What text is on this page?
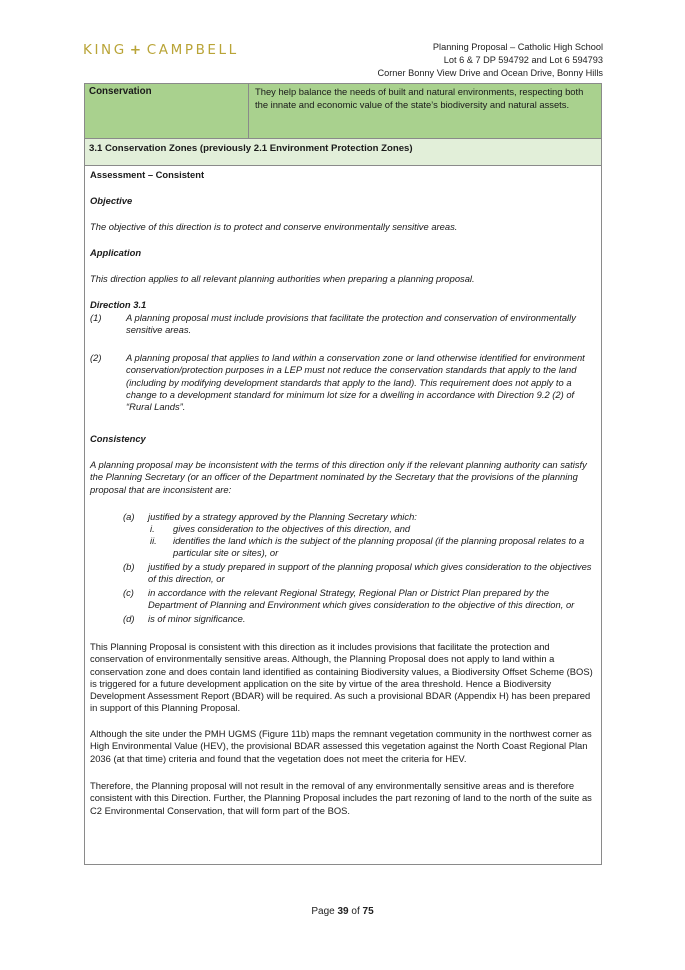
KING + CAMPBELL	Planning Proposal – Catholic High School
Lot 6 & 7 DP 594792 and Lot 6 594793
Corner Bonny View Drive and Ocean Drive, Bonny Hills
Conservation	They help balance the needs of built and natural environments, respecting both the innate and economic value of the state’s biodiversity and natural assets.
3.1 Conservation Zones (previously 2.1 Environment Protection Zones)
Assessment – Consistent
Objective
The objective of this direction is to protect and conserve environmentally sensitive areas.
Application
This direction applies to all relevant planning authorities when preparing a planning proposal.
Direction 3.1
(1)	A planning proposal must include provisions that facilitate the protection and conservation of environmentally sensitive areas.
(2)	A planning proposal that applies to land within a conservation zone or land otherwise identified for environment conservation/protection purposes in a LEP must not reduce the conservation standards that apply to the land (including by modifying development standards that apply to the land). This requirement does not apply to a change to a development standard for minimum lot size for a dwelling in accordance with Direction 9.2 (2) of “Rural Lands”.
Consistency
A planning proposal may be inconsistent with the terms of this direction only if the relevant planning authority can satisfy the Planning Secretary (or an officer of the Department nominated by the Secretary that the provisions of the planning proposal that are inconsistent are:
(a) justified by a strategy approved by the Planning Secretary which:
i. gives consideration to the objectives of this direction, and
ii. identifies the land which is the subject of the planning proposal (if the planning proposal relates to a particular site or sites), or
(b) justified by a study prepared in support of the planning proposal which gives consideration to the objectives of this direction, or
(c) in accordance with the relevant Regional Strategy, Regional Plan or District Plan prepared by the Department of Planning and Environment which gives consideration to the objective of this direction, or
(d) is of minor significance.
This Planning Proposal is consistent with this direction as it includes provisions that facilitate the protection and conservation of environmentally sensitive areas. Although, the Planning Proposal does not apply to land within a conservation zone and does contain land identified as containing Biodiversity values, a Biodiversity Offset Scheme (BOS) is triggered for a future development application on the site by virtue of the area threshold. Hence a Biodiversity Development Assessment Report (BDAR) will be required. As such a provisional BDAR (Appendix H) has been prepared in support of this Planning Proposal.
Although the site under the PMH UGMS (Figure 11b) maps the remnant vegetation community in the northwest corner as High Environmental Value (HEV), the provisional BDAR assessed this vegetation against the North Coast Regional Plan 2036 (at that time) criteria and found that the vegetation does not meet the criteria for HEV.
Therefore, the Planning proposal will not result in the removal of any environmentally sensitive areas and is therefore consistent with this Direction. Further, the Planning Proposal includes the part rezoning of land to the north of the suite as C2 Environmental Conservation, that will form part of the BOS.
Page 39 of 75
